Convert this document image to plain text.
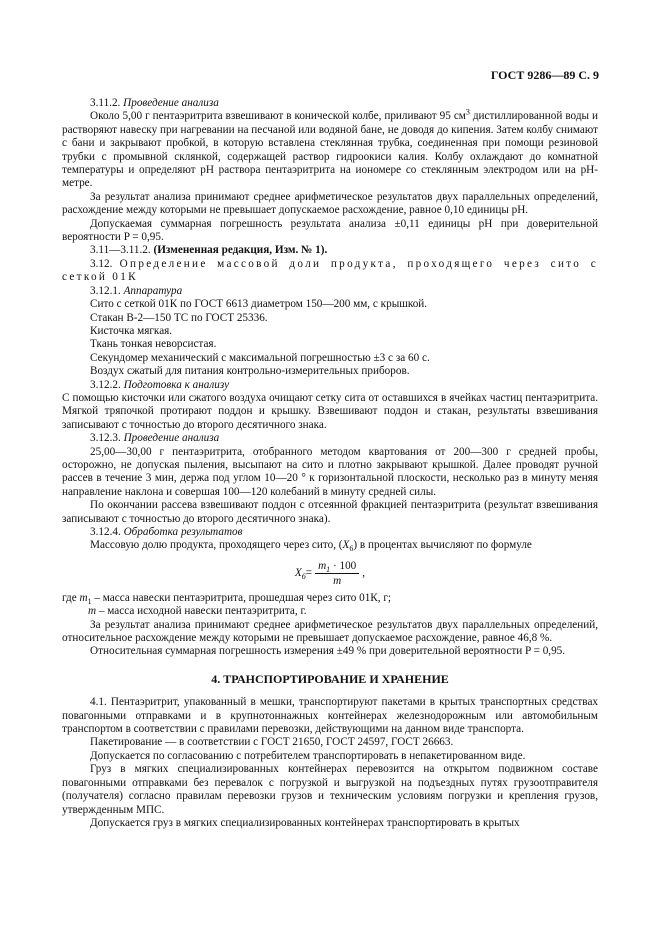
ГОСТ 9286—89 С. 9

3.11.2. Проведение анализа

Около 5,00 г пентаэритрита взвешивают в конической колбе, приливают 95 $см^3$ дистиллированной воды и растворяют навеску при нагревании на песчаной или водяной бане, не доводя до кипения. Затем колбу снимают с бани и закрывают пробкой, в которую вставлена стеклянная трубка, соединенная при помощи резиновой трубки с промывной склянкой, содержащей раствор гидроокиси калия. Колбу охлаждают до комнатной температуры и определяют рН раствора пентаэритрита на иономере со стеклянным электродом или на рН-метре.

За результат анализа принимают среднее арифметическое результатов двух параллельных определений, расхождение между которыми не превышает допускаемое расхождение, равное 0,10 единицы рН.

Допускаемая суммарная погрешность результата анализа ±0,11 единицы рН при доверительной вероятности P = 0,95.

3.11—3.11.2. (Измененная редакция, Изм. № 1).

3.12. Определение массовой доли продукта, проходящего через сито с сеткой 01К

3.12.1. Аппаратура

Сито с сеткой 01К по ГОСТ 6613 диаметром 150—200 мм, с крышкой.

Стакан В-2—150 ТС по ГОСТ 25336.

Кисточка мягкая.

Ткань тонкая неворсистая.

Секундомер механический с максимальной погрешностью ±3 с за 60 с.

Воздух сжатый для питания контрольно-измерительных приборов.

3.12.2. Подготовка к анализу

С помощью кисточки или сжатого воздуха очищают сетку сита от оставшихся в ячейках частиц пентаэритрита. Мягкой тряпочкой протирают поддон и крышку. Взвешивают поддон и стакан, результаты взвешивания записывают с точностью до второго десятичного знака.

3.12.3. Проведение анализа

25,00—30,00 г пентаэритрита, отобранного методом квартования от 200—300 г средней пробы, осторожно, не допуская пыления, высыпают на сито и плотно закрывают крышкой. Далее проводят ручной рассев в течение 3 мин, держа под углом 10—20 ° к горизонтальной плоскости, несколько раз в минуту меняя направление наклона и совершая 100—120 колебаний в минуту средней силы.

По окончании рассева взвешивают поддон с отсеянной фракцией пентаэритрита (результат взвешивания записывают с точностью до второго десятичного знака).

3.12.4. Обработка результатов

Массовую долю продукта, проходящего через сито, $(X_6)$ в процентах вычисляют по формуле

$X_6 = \frac{m_1 \cdot 100}{m}$ ,

где $m_1$ – масса навески пентаэритрита, прошедшая через сито 01К, г;

m – масса исходной навески пентаэритрита, г.

За результат анализа принимают среднее арифметическое результатов двух параллельных определений, относительное расхождение между которыми не превышает допускаемое расхождение, равное 46,8 %.

Относительная суммарная погрешность измерения ±49 % при доверительной вероятности P = 0,95.

4. ТРАНСПОРТИРОВАНИЕ И ХРАНЕНИЕ

4.1. Пентаэритрит, упакованный в мешки, транспортируют пакетами в крытых транспортных средствах повагонными отправками и в крупнотоннажных контейнерах железнодорожным или автомобильным транспортом в соответствии с правилами перевозки, действующими на данном виде транспорта.

Пакетирование — в соответствии с ГОСТ 21650, ГОСТ 24597, ГОСТ 26663.

Допускается по согласованию с потребителем транспортировать в непакетированном виде.

Груз в мягких специализированных контейнерах перевозится на открытом подвижном составе повагонными отправками без перевалок с погрузкой и выгрузкой на подъездных путях грузоотправителя (получателя) согласно правилам перевозки грузов и техническим условиям погрузки и крепления грузов, утвержденным МПС.

Допускается груз в мягких специализированных контейнерах транспортировать в крытых
